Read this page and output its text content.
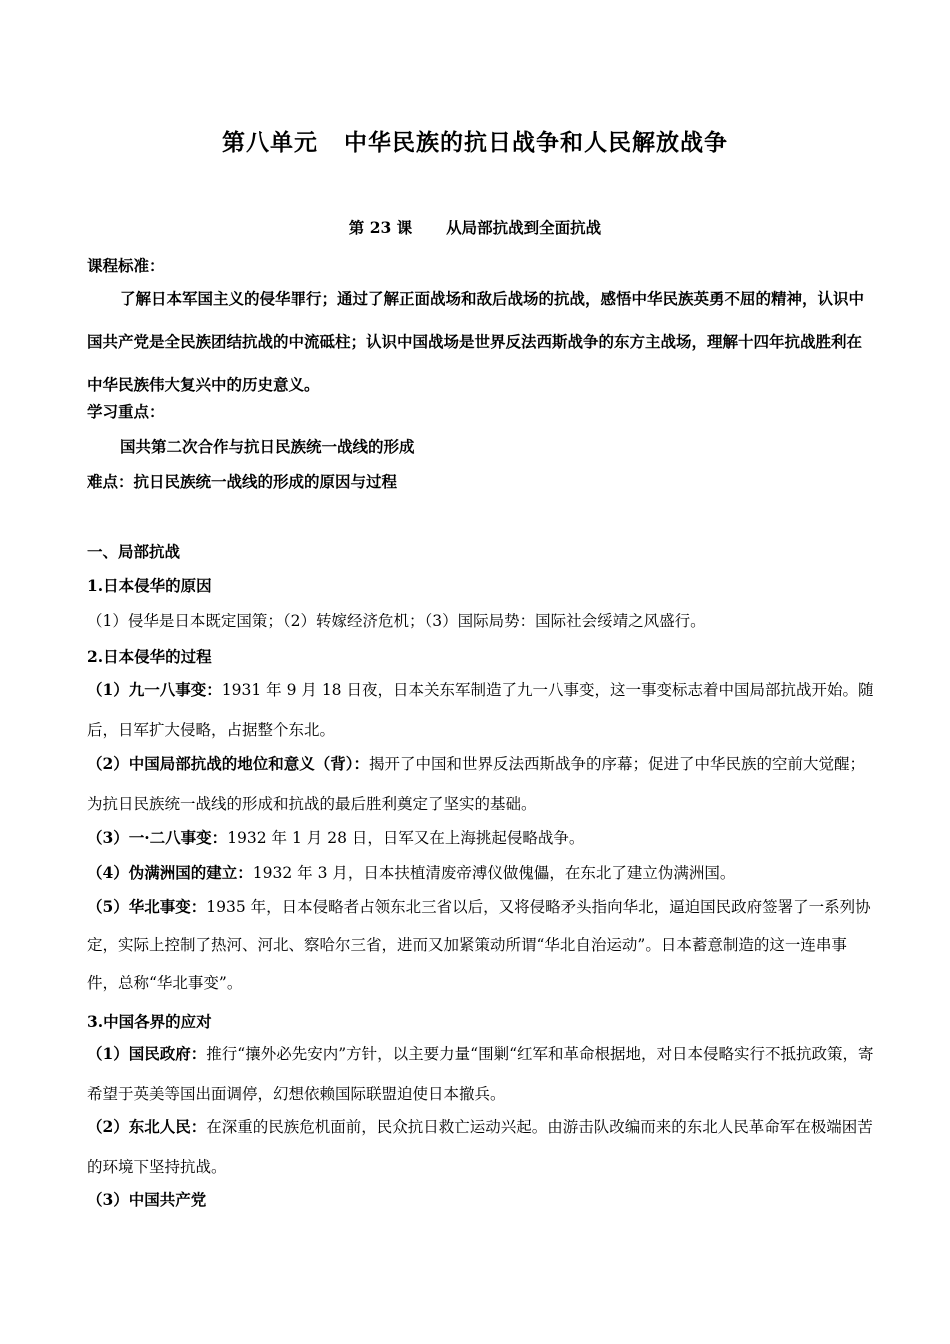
第八单元 中华民族的抗日战争和人民解放战争
第 23 课 从局部抗战到全面抗战
课程标准：
了解日本军国主义的侵华罪行；通过了解正面战场和敌后战场的抗战，感悟中华民族英勇不屈的精神，认识中国共产党是全民族团结抗战的中流砥柱；认识中国战场是世界反法西斯战争的东方主战场，理解十四年抗战胜利在中华民族伟大复兴中的历史意义。
学习重点：
国共第二次合作与抗日民族统一战线的形成
难点：抗日民族统一战线的形成的原因与过程
一、局部抗战
1.日本侵华的原因
（1）侵华是日本既定国策；（2）转嫁经济危机；（3）国际局势：国际社会绥靖之风盛行。
2.日本侵华的过程
（1）九一八事变：1931 年 9 月 18 日夜，日本关东军制造了九一八事变，这一事变标志着中国局部抗战开始。随后，日军扩大侵略，占据整个东北。
（2）中国局部抗战的地位和意义（背）：揭开了中国和世界反法西斯战争的序幕；促进了中华民族的空前大觉醒；为抗日民族统一战线的形成和抗战的最后胜利奠定了坚实的基础。
（3）一·二八事变：1932 年 1 月 28 日，日军又在上海挑起侵略战争。
（4）伪满洲国的建立：1932 年 3 月，日本扶植清废帝溥仪做傀儡，在东北了建立伪满洲国。
（5）华北事变：1935 年，日本侵略者占领东北三省以后，又将侵略矛头指向华北，逼迫国民政府签署了一系列协定，实际上控制了热河、河北、察哈尔三省，进而又加紧策动所谓“华北自治运动”。日本蓄意制造的这一连串事件，总称“华北事变”。
3.中国各界的应对
（1）国民政府：推行“攘外必先安内”方针，以主要力量“围剿“红军和革命根据地，对日本侵略实行不抵抗政策，寄希望于英美等国出面调停，幻想依赖国际联盟迫使日本撤兵。
（2）东北人民：在深重的民族危机面前，民众抗日救亡运动兴起。由游击队改编而来的东北人民革命军在极端困苦的环境下坚持抗战。
（3）中国共产党
